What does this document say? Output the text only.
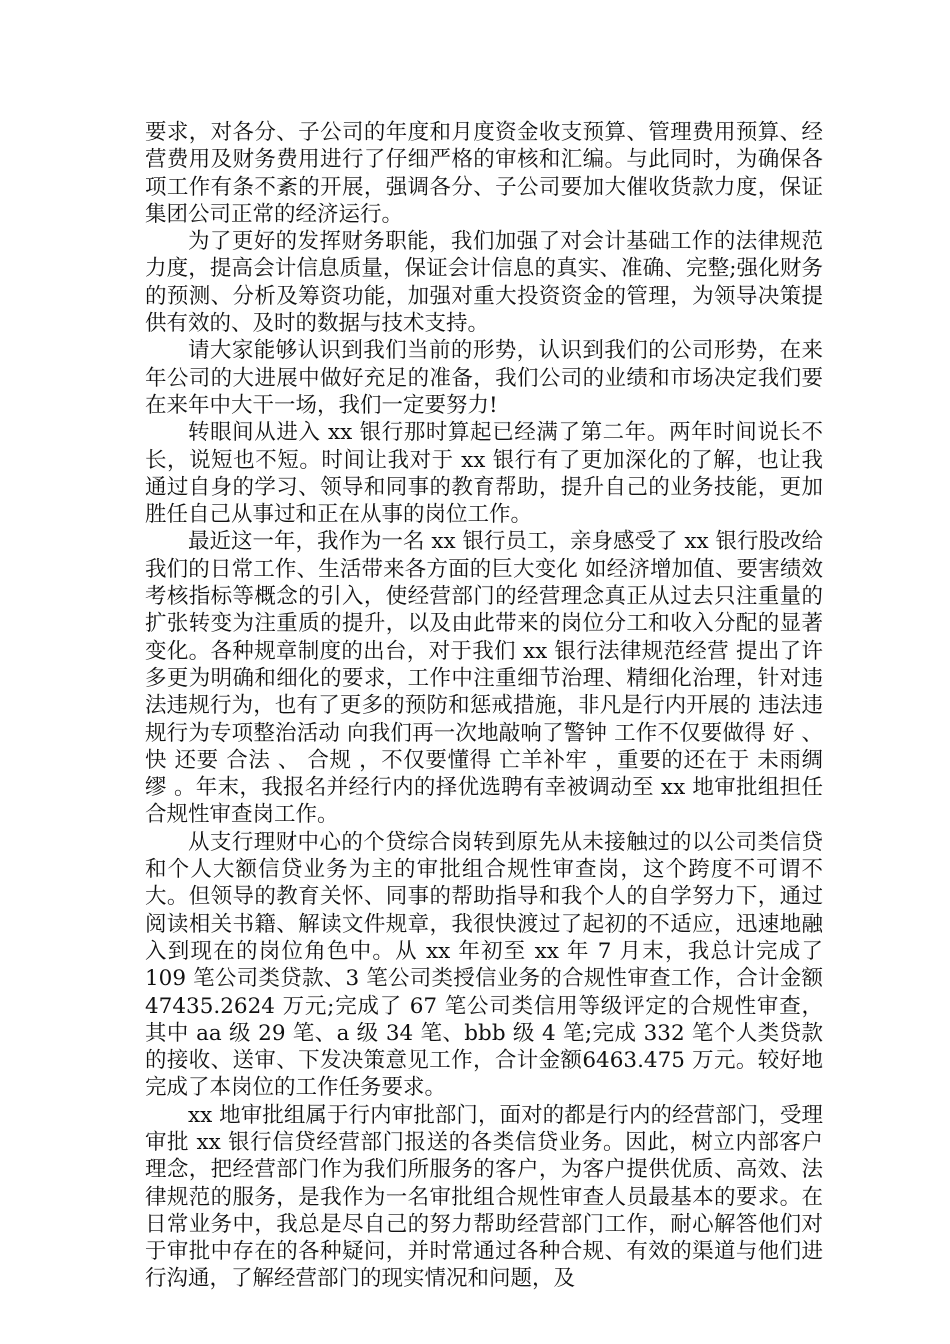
要求，对各分、子公司的年度和月度资金收支预算、管理费用预算、经营费用及财务费用进行了仔细严格的审核和汇编。与此同时，为确保各项工作有条不紊的开展，强调各分、子公司要加大催收货款力度，保证集团公司正常的经济运行。

为了更好的发挥财务职能，我们加强了对会计基础工作的法律规范力度，提高会计信息质量，保证会计信息的真实、准确、完整;强化财务的预测、分析及筹资功能，加强对重大投资资金的管理，为领导决策提供有效的、及时的数据与技术支持。

请大家能够认识到我们当前的形势，认识到我们的公司形势，在来年公司的大进展中做好充足的准备，我们公司的业绩和市场决定我们要在来年中大干一场，我们一定要努力!

转眼间从进入 xx 银行那时算起已经满了第二年。两年时间说长不长，说短也不短。时间让我对于 xx 银行有了更加深化的了解，也让我通过自身的学习、领导和同事的教育帮助，提升自己的业务技能，更加胜任自己从事过和正在从事的岗位工作。

最近这一年，我作为一名 xx 银行员工，亲身感受了 xx 银行股改给我们的日常工作、生活带来各方面的巨大变化 如经济增加值、要害绩效考核指标等概念的引入，使经营部门的经营理念真正从过去只注重量的扩张转变为注重质的提升，以及由此带来的岗位分工和收入分配的显著变化。各种规章制度的出台，对于我们 xx 银行法律规范经营 提出了许多更为明确和细化的要求，工作中注重细节治理、精细化治理，针对违法违规行为，也有了更多的预防和惩戒措施，非凡是行内开展的 违法违规行为专项整治活动 向我们再一次地敲响了警钟 工作不仅要做得 好 、 快 还要 合法 、 合规 ，不仅要懂得 亡羊补牢 ，重要的还在于 未雨绸缪 。年末，我报名并经行内的择优选聘有幸被调动至 xx 地审批组担任合规性审查岗工作。

从支行理财中心的个贷综合岗转到原先从未接触过的以公司类信贷和个人大额信贷业务为主的审批组合规性审查岗，这个跨度不可谓不大。但领导的教育关怀、同事的帮助指导和我个人的自学努力下，通过阅读相关书籍、解读文件规章，我很快渡过了起初的不适应，迅速地融入到现在的岗位角色中。从 xx 年初至 xx 年 7 月末，我总计完成了 109 笔公司类贷款、3 笔公司类授信业务的合规性审查工作，合计金额 47435.2624 万元;完成了 67 笔公司类信用等级评定的合规性审查，其中 aa 级 29 笔、a 级 34 笔、bbb 级 4 笔;完成 332 笔个人类贷款的接收、送审、下发决策意见工作，合计金额6463.475 万元。较好地完成了本岗位的工作任务要求。

xx 地审批组属于行内审批部门，面对的都是行内的经营部门，受理审批 xx 银行信贷经营部门报送的各类信贷业务。因此，树立内部客户理念，把经营部门作为我们所服务的客户，为客户提供优质、高效、法律规范的服务，是我作为一名审批组合规性审查人员最基本的要求。在日常业务中，我总是尽自己的努力帮助经营部门工作，耐心解答他们对于审批中存在的各种疑问，并时常通过各种合规、有效的渠道与他们进行沟通，了解经营部门的现实情况和问题，及
